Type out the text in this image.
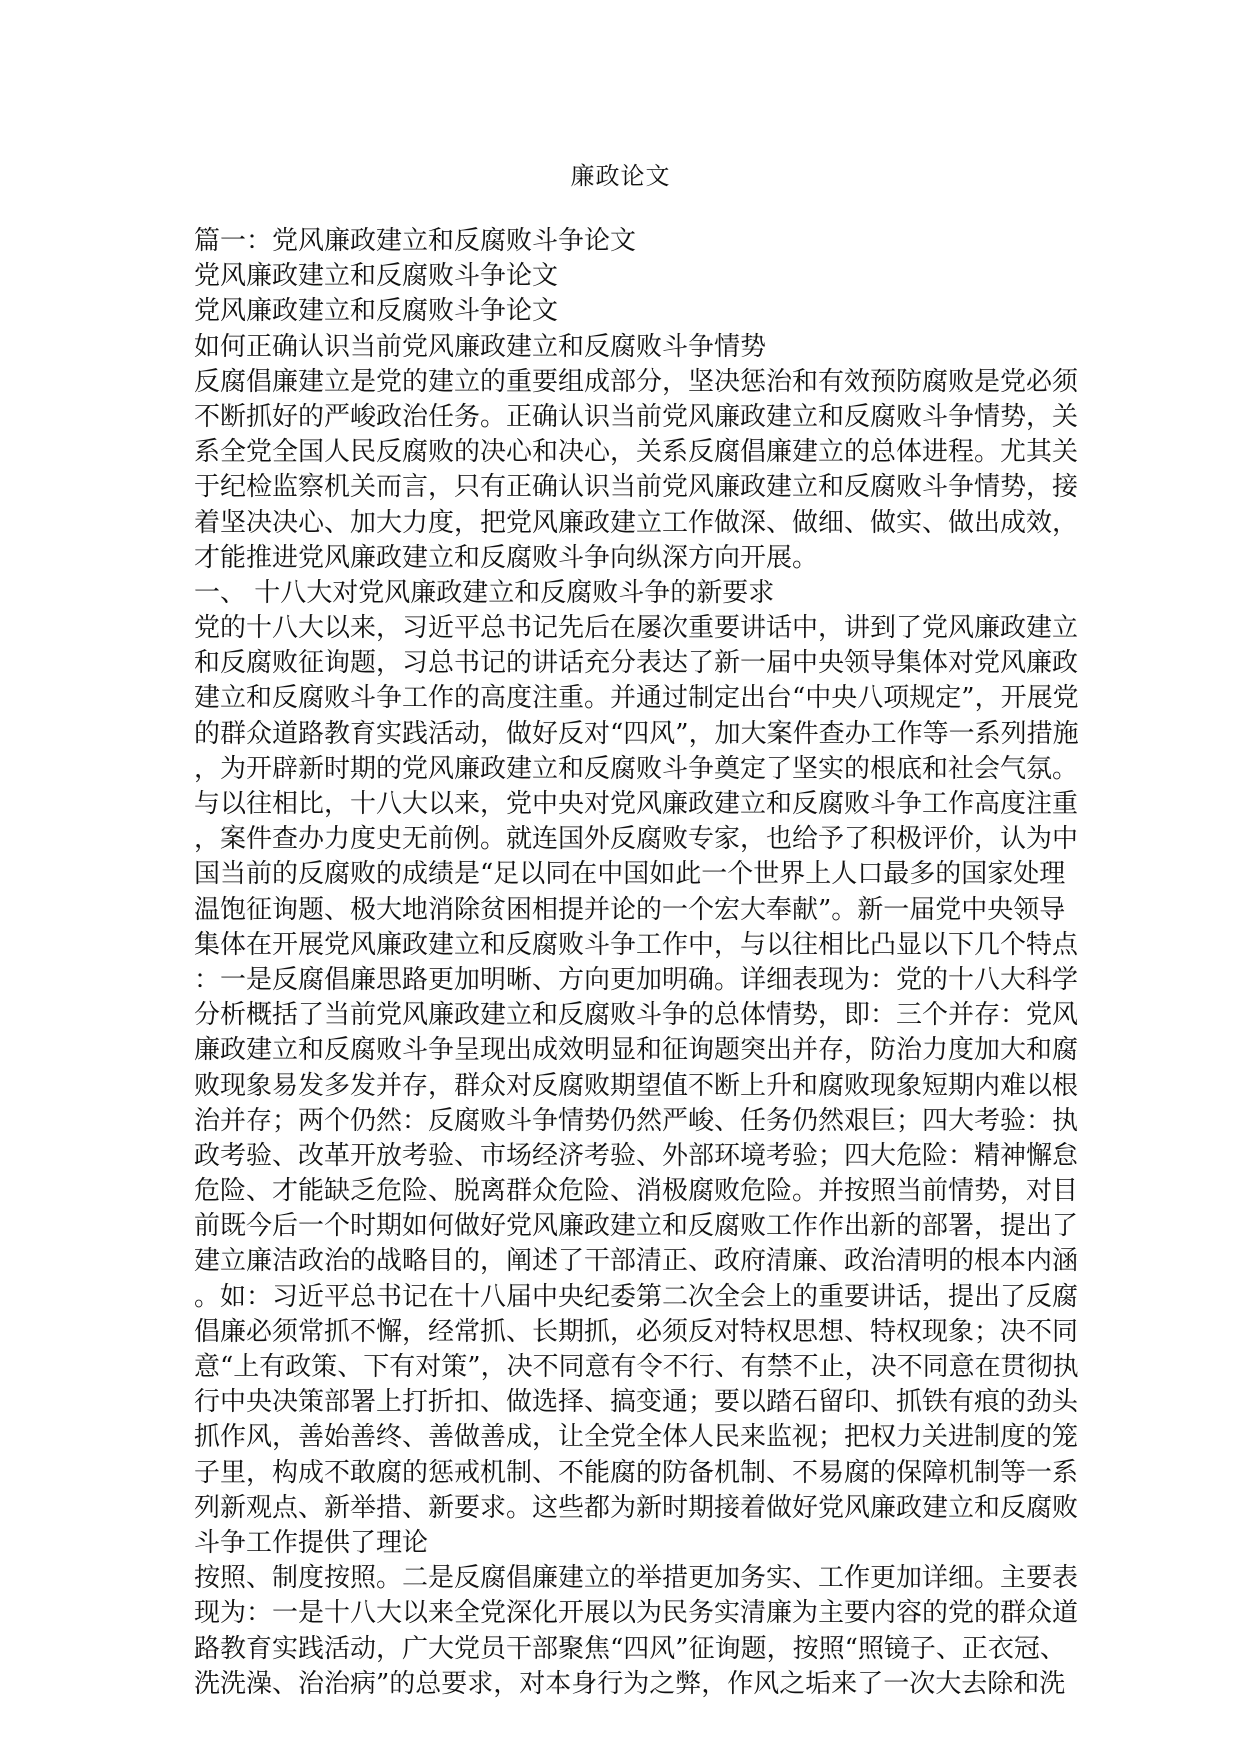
廉政论文
篇一：党风廉政建立和反腐败斗争论文
党风廉政建立和反腐败斗争论文
党风廉政建立和反腐败斗争论文
如何正确认识当前党风廉政建立和反腐败斗争情势
反腐倡廉建立是党的建立的重要组成部分，坚决惩治和有效预防腐败是党必须
不断抓好的严峻政治任务。正确认识当前党风廉政建立和反腐败斗争情势，关
系全党全国人民反腐败的决心和决心，关系反腐倡廉建立的总体进程。尤其关
于纪检监察机关而言，只有正确认识当前党风廉政建立和反腐败斗争情势，接
着坚决决心、加大力度，把党风廉政建立工作做深、做细、做实、做出成效，
才能推进党风廉政建立和反腐败斗争向纵深方向开展。
一、 十八大对党风廉政建立和反腐败斗争的新要求
党的十八大以来，习近平总书记先后在屡次重要讲话中，讲到了党风廉政建立
和反腐败征询题，习总书记的讲话充分表达了新一届中央领导集体对党风廉政
建立和反腐败斗争工作的高度注重。并通过制定出台“中央八项规定”，开展党
的群众道路教育实践活动，做好反对“四风”，加大案件查办工作等一系列措施
，为开辟新时期的党风廉政建立和反腐败斗争奠定了坚实的根底和社会气氛。
与以往相比，十八大以来，党中央对党风廉政建立和反腐败斗争工作高度注重
，案件查办力度史无前例。就连国外反腐败专家，也给予了积极评价，认为中
国当前的反腐败的成绩是“足以同在中国如此一个世界上人口最多的国家处理
温饱征询题、极大地消除贫困相提并论的一个宏大奉献”。新一届党中央领导
集体在开展党风廉政建立和反腐败斗争工作中，与以往相比凸显以下几个特点
：一是反腐倡廉思路更加明晰、方向更加明确。详细表现为：党的十八大科学
分析概括了当前党风廉政建立和反腐败斗争的总体情势，即：三个并存：党风
廉政建立和反腐败斗争呈现出成效明显和征询题突出并存，防治力度加大和腐
败现象易发多发并存，群众对反腐败期望值不断上升和腐败现象短期内难以根
治并存；两个仍然：反腐败斗争情势仍然严峻、任务仍然艰巨；四大考验：执
政考验、改革开放考验、市场经济考验、外部环境考验；四大危险：精神懈怠
危险、才能缺乏危险、脱离群众危险、消极腐败危险。并按照当前情势，对目
前既今后一个时期如何做好党风廉政建立和反腐败工作作出新的部署，提出了
建立廉洁政治的战略目的，阐述了干部清正、政府清廉、政治清明的根本内涵
。如：习近平总书记在十八届中央纪委第二次全会上的重要讲话，提出了反腐
倡廉必须常抓不懈，经常抓、长期抓，必须反对特权思想、特权现象；决不同
意“上有政策、下有对策”，决不同意有令不行、有禁不止，决不同意在贯彻执
行中央决策部署上打折扣、做选择、搞变通；要以踏石留印、抓铁有痕的劲头
抓作风，善始善终、善做善成，让全党全体人民来监视；把权力关进制度的笼
子里，构成不敢腐的惩戒机制、不能腐的防备机制、不易腐的保障机制等一系
列新观点、新举措、新要求。这些都为新时期接着做好党风廉政建立和反腐败
斗争工作提供了理论
按照、制度按照。二是反腐倡廉建立的举措更加务实、工作更加详细。主要表
现为：一是十八大以来全党深化开展以为民务实清廉为主要内容的党的群众道
路教育实践活动，广大党员干部聚焦“四风”征询题，按照“照镜子、正衣冠、
洗洗澡、治治病”的总要求，对本身行为之弊，作风之垢来了一次大去除和洗
